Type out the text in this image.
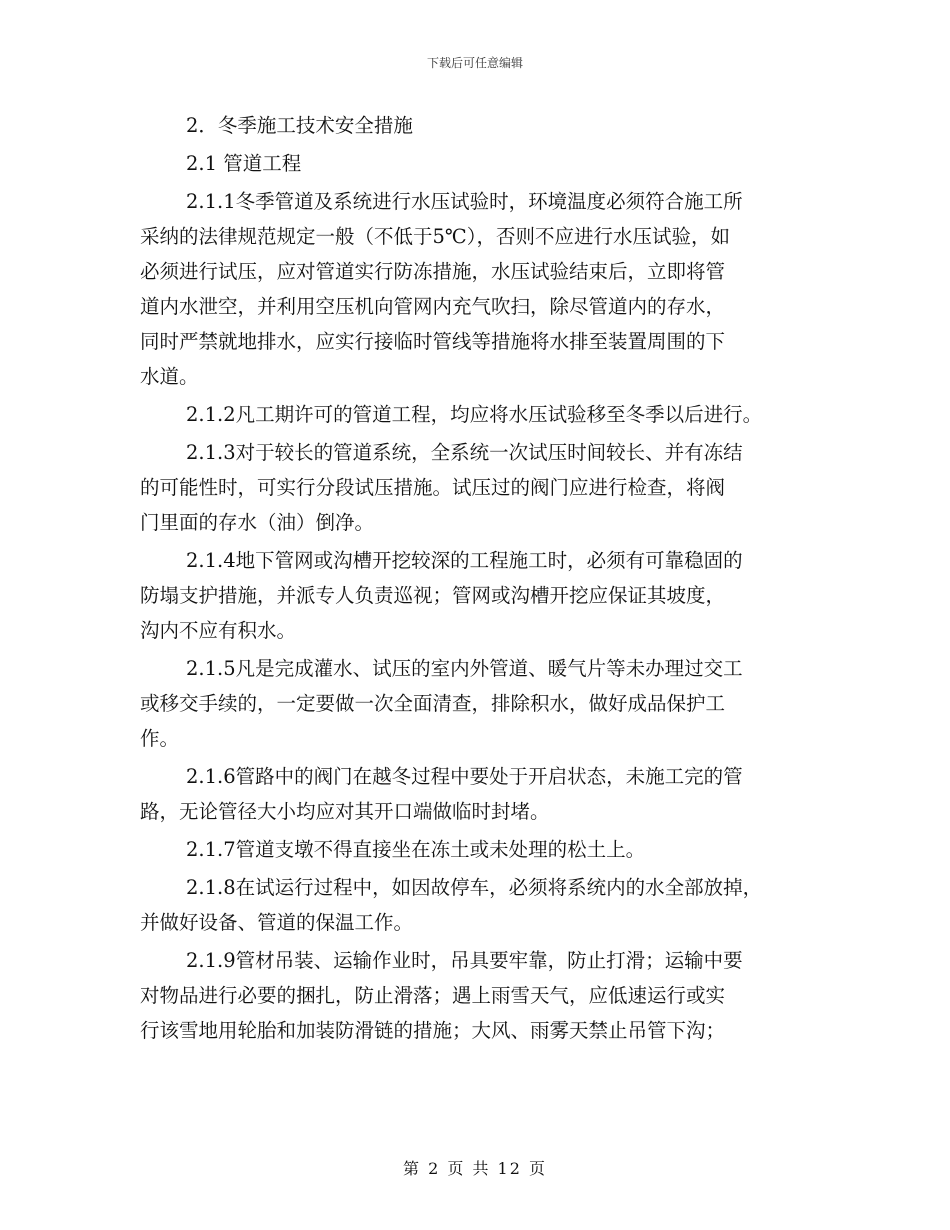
下载后可任意编辑
2．冬季施工技术安全措施
2.1 管道工程
2.1.1冬季管道及系统进行水压试验时，环境温度必须符合施工所
采纳的法律规范规定一般（不低于5℃），否则不应进行水压试验，如
必须进行试压，应对管道实行防冻措施，水压试验结束后，立即将管
道内水泄空，并利用空压机向管网内充气吹扫，除尽管道内的存水，
同时严禁就地排水，应实行接临时管线等措施将水排至装置周围的下
水道。
2.1.2凡工期许可的管道工程，均应将水压试验移至冬季以后进行。
2.1.3对于较长的管道系统，全系统一次试压时间较长、并有冻结
的可能性时，可实行分段试压措施。试压过的阀门应进行检查，将阀
门里面的存水（油）倒净。
2.1.4地下管网或沟槽开挖较深的工程施工时，必须有可靠稳固的
防塌支护措施，并派专人负责巡视；管网或沟槽开挖应保证其坡度，
沟内不应有积水。
2.1.5凡是完成灌水、试压的室内外管道、暖气片等未办理过交工
或移交手续的，一定要做一次全面清查，排除积水，做好成品保护工
作。
2.1.6管路中的阀门在越冬过程中要处于开启状态，未施工完的管
路，无论管径大小均应对其开口端做临时封堵。
2.1.7管道支墩不得直接坐在冻土或未处理的松土上。
2.1.8在试运行过程中，如因故停车，必须将系统内的水全部放掉，
并做好设备、管道的保温工作。
2.1.9管材吊装、运输作业时，吊具要牢靠，防止打滑；运输中要
对物品进行必要的捆扎，防止滑落；遇上雨雪天气，应低速运行或实
行该雪地用轮胎和加装防滑链的措施；大风、雨雾天禁止吊管下沟；
第 2 页 共 12 页
